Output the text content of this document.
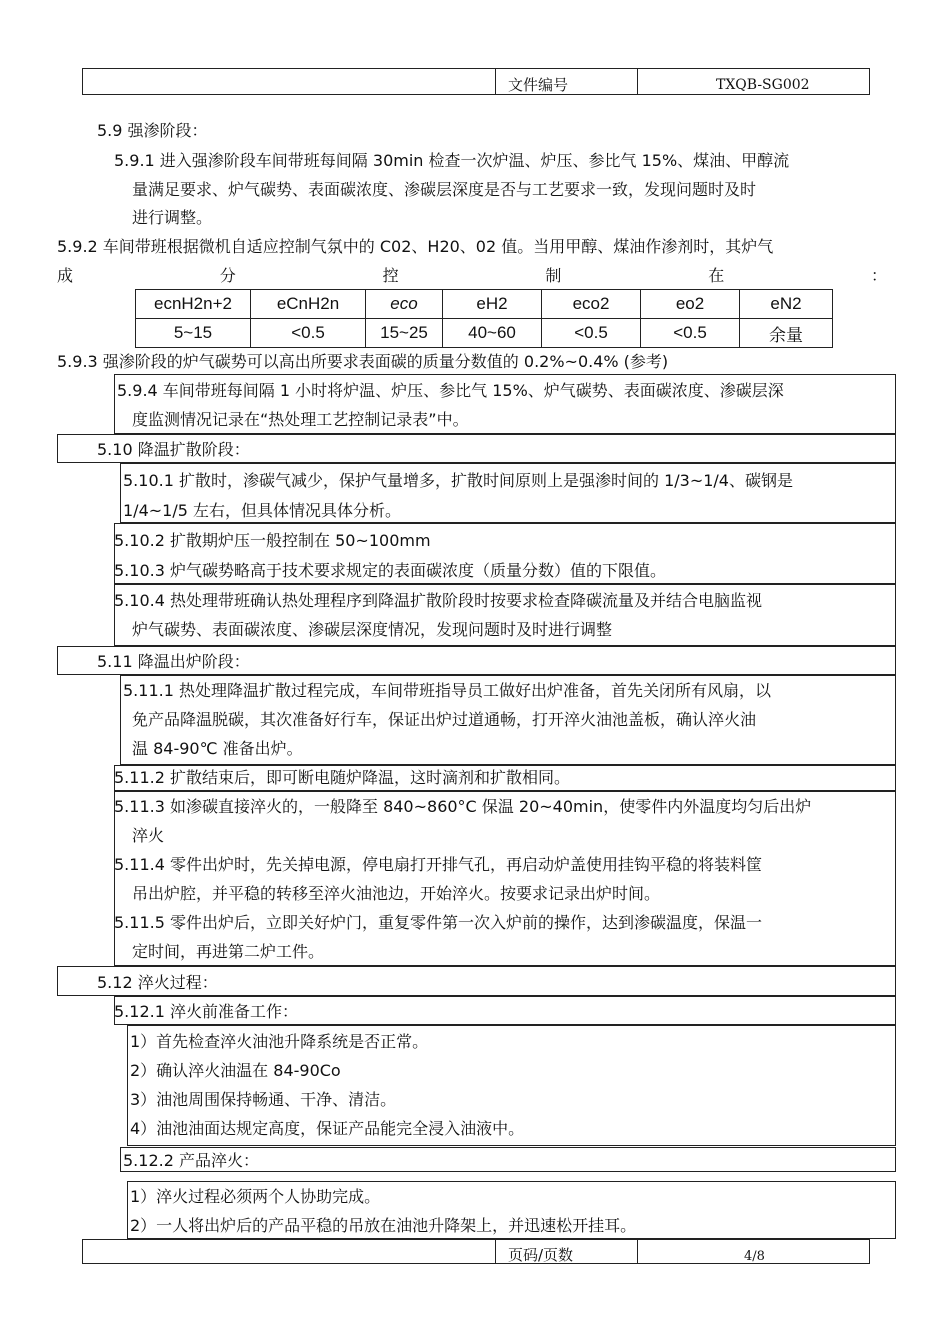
文件编号	TXQB-SG002
5.9 强渗阶段：
5.9.1 进入强渗阶段车间带班每间隔 30min 检查一次炉温、炉压、参比气 15%、煤油、甲醇流
量满足要求、炉气碳势、表面碳浓度、渗碳层深度是否与工艺要求一致，发现问题时及时
进行调整。
5.9.2 车间带班根据微机自适应控制气氛中的 C02、H20、02 值。当用甲醇、煤油作渗剂时，其炉气
成	分	控	制	在	：
ecnH2n+2	eCnH2n	eco	eH2	eco2	eo2	eN2
5~15	<0.5	15~25	40~60	<0.5	<0.5	余量
5.9.3 强渗阶段的炉气碳势可以高出所要求表面碳的质量分数值的 0.2%~0.4% (参考)
5.9.4 车间带班每间隔 1 小时将炉温、炉压、参比气 15%、炉气碳势、表面碳浓度、渗碳层深
度监测情况记录在“热处理工艺控制记录表”中。
5.10 降温扩散阶段：
5.10.1 扩散时，渗碳气减少，保护气量增多，扩散时间原则上是强渗时间的 1/3~1/4、碳钢是
1/4~1/5 左右，但具体情况具体分析。
5.10.2 扩散期炉压一般控制在 50~100mm
5.10.3 炉气碳势略高于技术要求规定的表面碳浓度（质量分数）值的下限值。
5.10.4 热处理带班确认热处理程序到降温扩散阶段时按要求检查降碳流量及并结合电脑监视
炉气碳势、表面碳浓度、渗碳层深度情况，发现问题时及时进行调整
5.11 降温出炉阶段：
5.11.1 热处理降温扩散过程完成，车间带班指导员工做好出炉准备，首先关闭所有风扇，以
免产品降温脱碳，其次准备好行车，保证出炉过道通畅，打开淬火油池盖板，确认淬火油
温 84-90℃ 准备出炉。
5.11.2 扩散结束后，即可断电随炉降温，这时滴剂和扩散相同。
5.11.3 如渗碳直接淬火的，一般降至 840~860°C 保温 20~40min，使零件内外温度均匀后出炉
淬火
5.11.4 零件出炉时，先关掉电源，停电扇打开排气孔，再启动炉盖使用挂钩平稳的将装料筐
吊出炉腔，并平稳的转移至淬火油池边，开始淬火。按要求记录出炉时间。
5.11.5 零件出炉后，立即关好炉门，重复零件第一次入炉前的操作，达到渗碳温度，保温一
定时间，再进第二炉工件。
5.12 淬火过程：
5.12.1 淬火前准备工作：
1）首先检查淬火油池升降系统是否正常。
2）确认淬火油温在 84-90Co
3）油池周围保持畅通、干净、清洁。
4）油池油面达规定高度，保证产品能完全浸入油液中。
5.12.2 产品淬火：
1）淬火过程必须两个人协助完成。
2）一人将出炉后的产品平稳的吊放在油池升降架上，并迅速松开挂耳。
页码/页数	4/8
